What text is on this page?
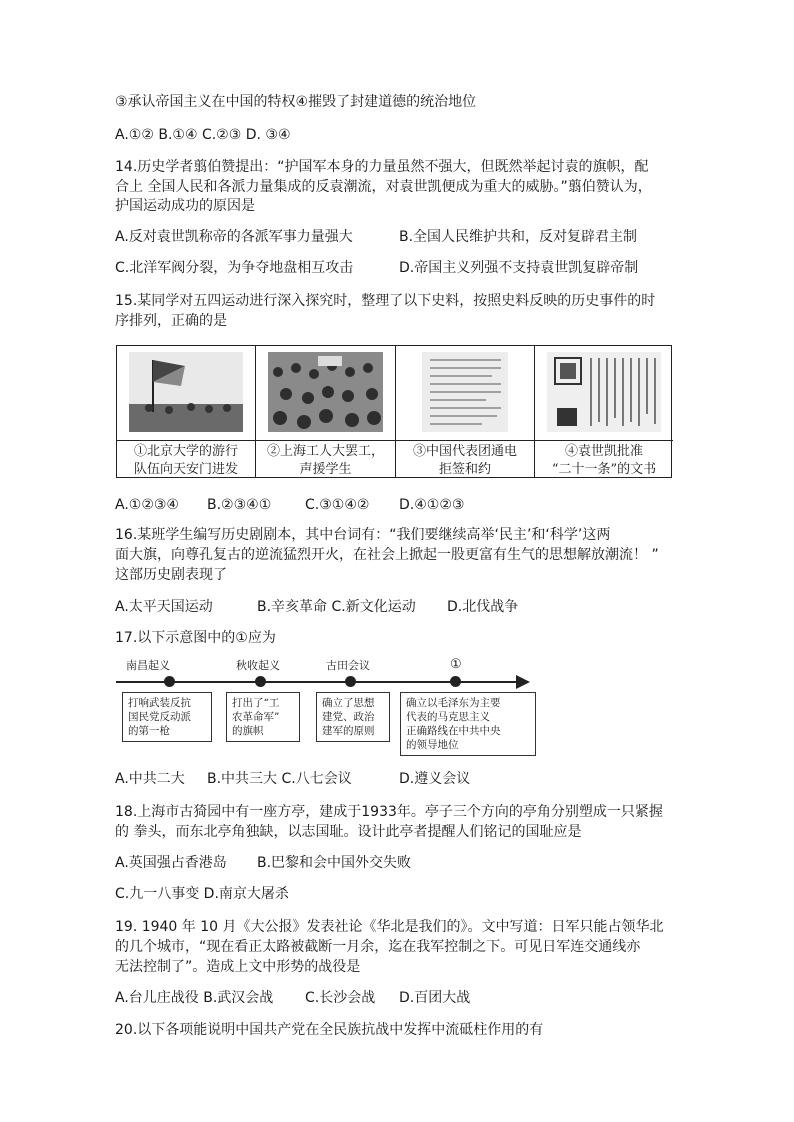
③承认帝国主义在中国的特权④摧毁了封建道德的统治地位
A.①② B.①④ C.②③ D. ③④
14.历史学者翦伯赞提出：“护国军本身的力量虽然不强大，但既然举起讨袁的旗帜，配
合上 全国人民和各派力量集成的反袁潮流，对袁世凯便成为重大的威胁。”翦伯赞认为，
护国运动成功的原因是
A.反对袁世凯称帝的各派军事力量强大	B.全国人民维护共和，反对复辟君主制
C.北洋军阀分裂，为争夺地盘相互攻击	D.帝国主义列强不支持袁世凯复辟帝制
15.某同学对五四运动进行深入探究时，整理了以下史料，按照史料反映的历史事件的时
序排列，正确的是
①北京大学的游行
队伍向天安门进发
②上海工人大罢工，
声援学生
③中国代表团通电
拒签和约
④袁世凯批准
“二十一条”的文书
A.①②③④ B.②③④① C.③①④② D.④①②③
16.某班学生编写历史剧剧本，其中台词有：“我们要继续高举‘民主’和‘科学’这两
面大旗，向尊孔复古的逆流猛烈开火，在社会上掀起一股更富有生气的思想解放潮流！ ”
这部历史剧表现了
A.太平天国运动	B.辛亥革命 C.新文化运动 D.北伐战争
17.以下示意图中的①应为
南昌起义	秋收起义	古田会议	①
打响武装反抗
国民党反动派
的第一枪
打出了“工
农革命军”
的旗帜
确立了思想
建党、政治
建军的原则
确立以毛泽东为主要
代表的马克思主义
正确路线在中共中央
的领导地位
A.中共二大 B.中共三大 C.八七会议	D.遵义会议
18.上海市古猗园中有一座方亭，建成于1933年。亭子三个方向的亭角分别塑成一只紧握
的 拳头，而东北亭角独缺，以志国耻。设计此亭者提醒人们铭记的国耻应是
A.英国强占香港岛 B.巴黎和会中国外交失败
C.九一八事变 D.南京大屠杀
19. 1940 年 10 月《大公报》发表社论《华北是我们的》。文中写道：日军只能占领华北
的几个城市，“现在看正太路被截断一月余，迄在我军控制之下。可见日军连交通线亦
无法控制了”。造成上文中形势的战役是
A.台儿庄战役 B.武汉会战 C.长沙会战 D.百团大战
20.以下各项能说明中国共产党在全民族抗战中发挥中流砥柱作用的有
